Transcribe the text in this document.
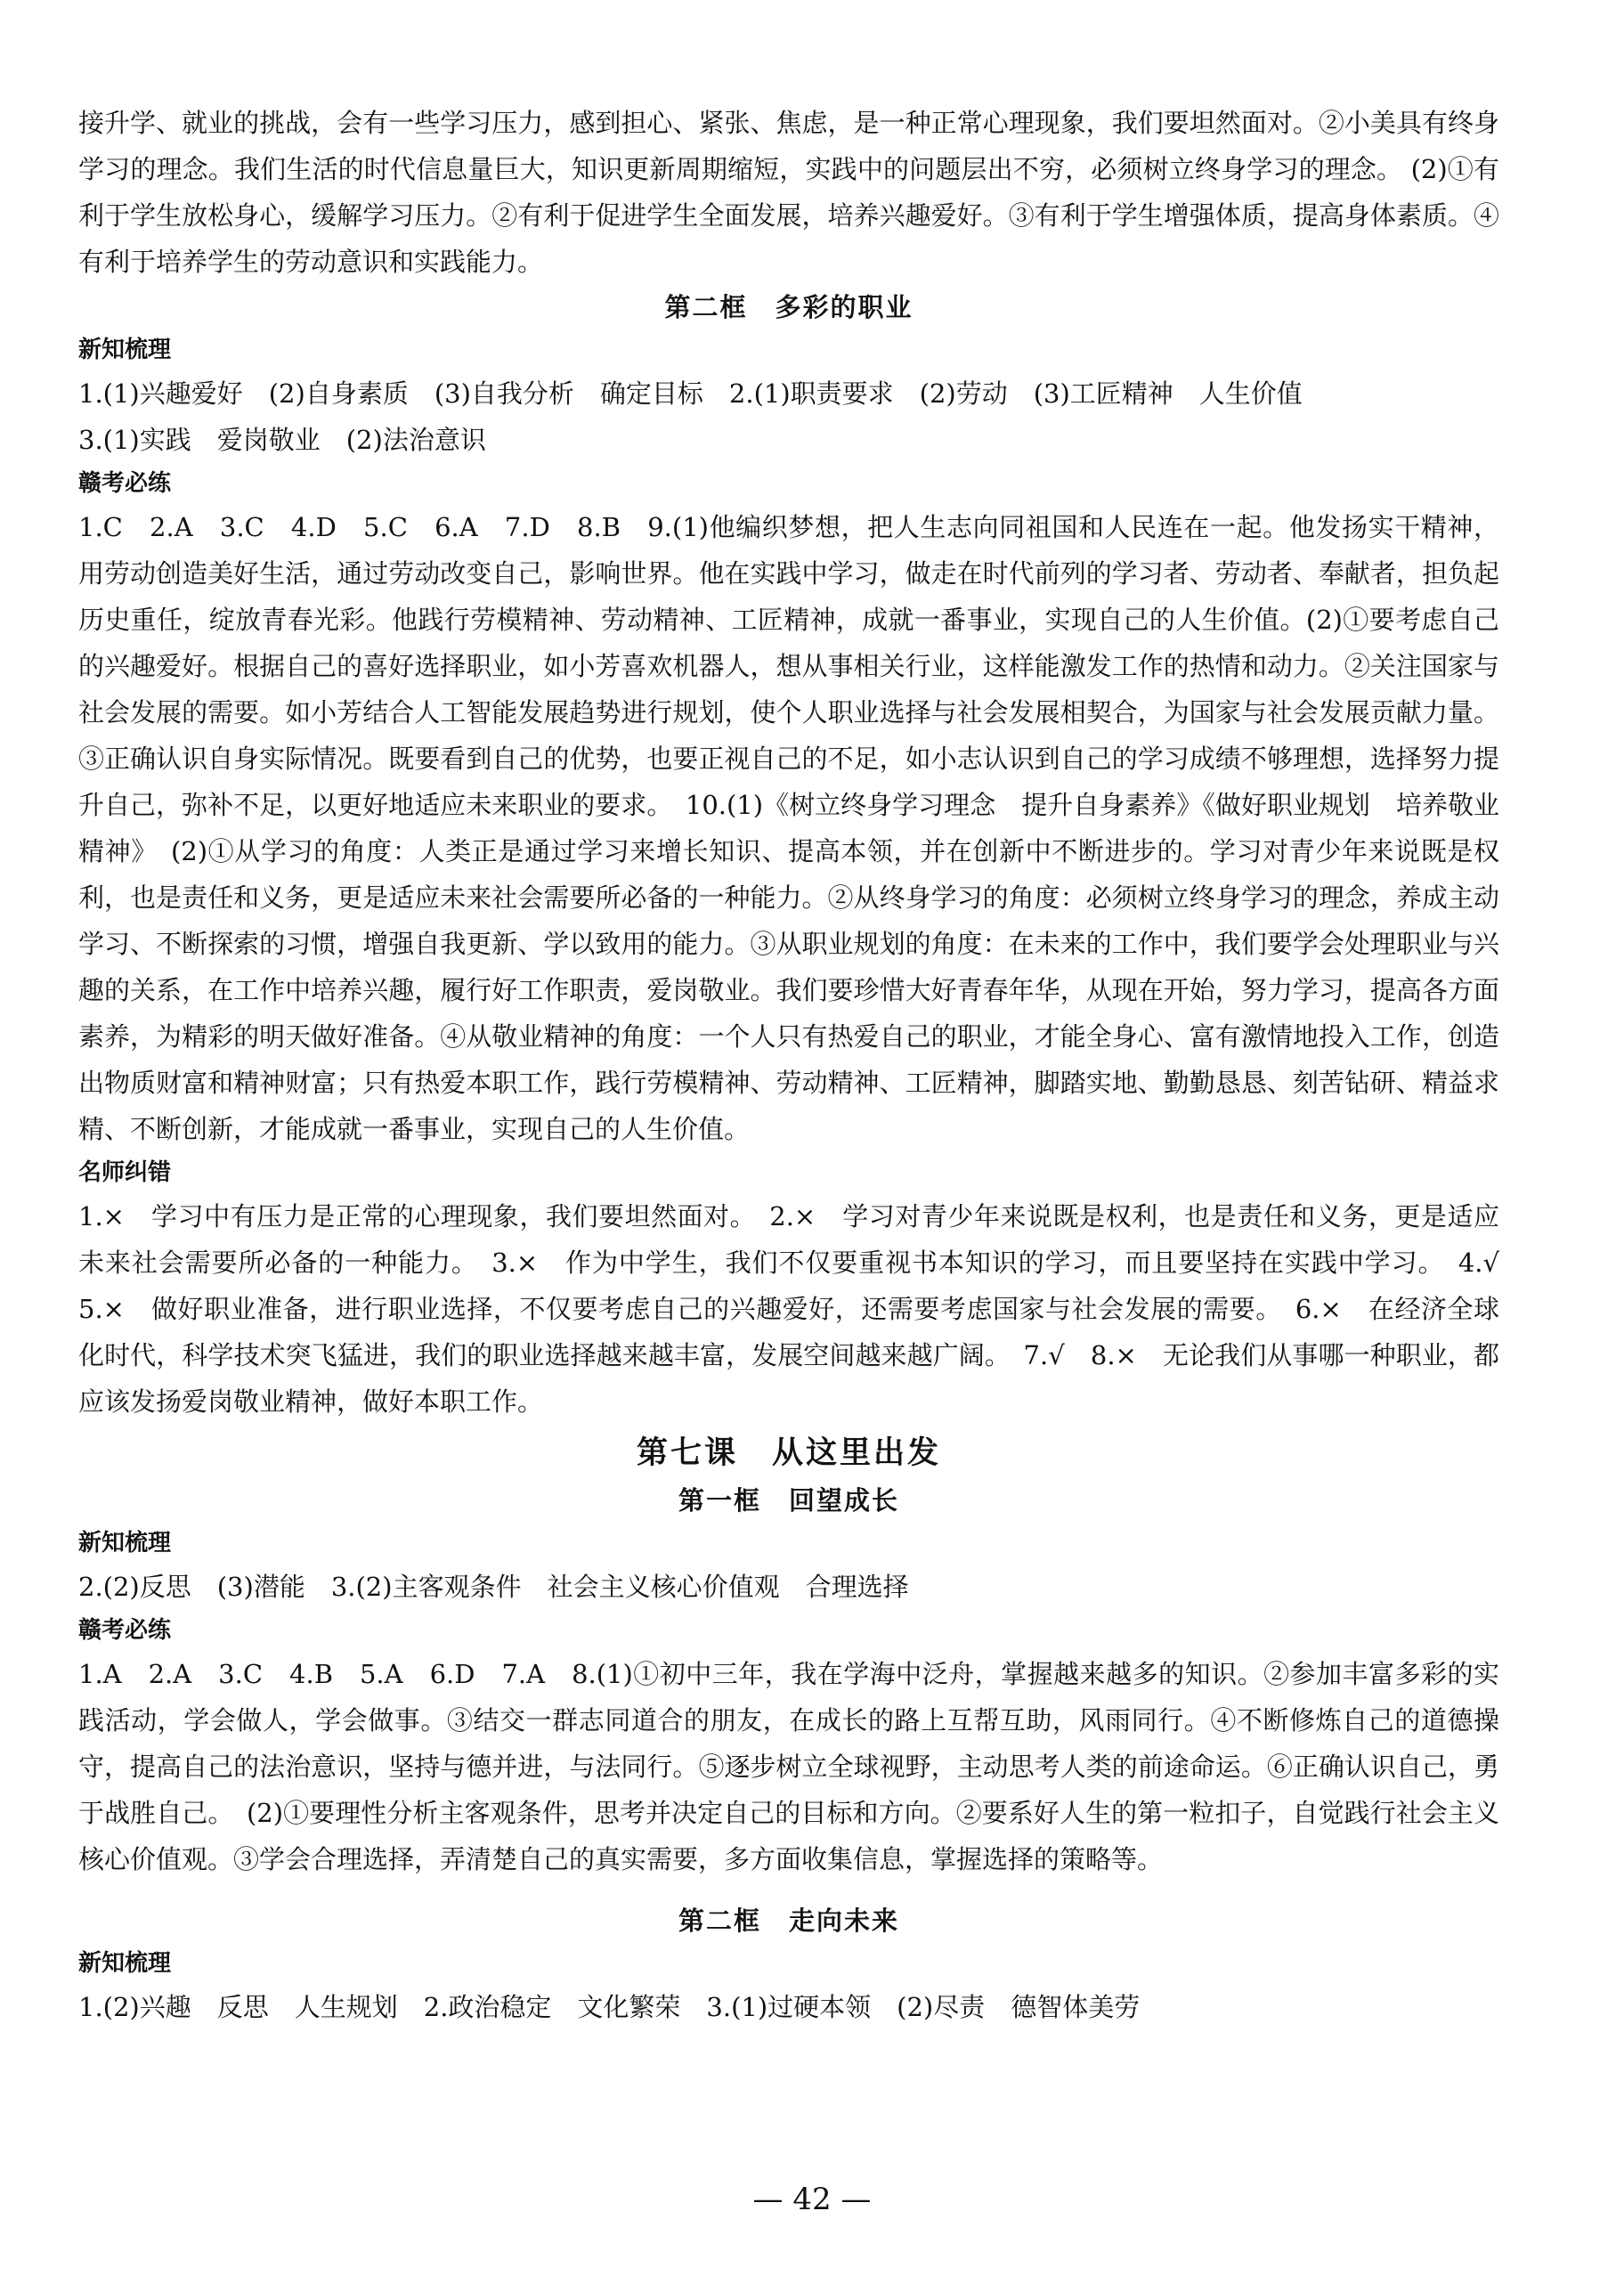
接升学、就业的挑战，会有一些学习压力，感到担心、紧张、焦虑，是一种正常心理现象，我们要坦然面对。②小美具有终身学习的理念。我们生活的时代信息量巨大，知识更新周期缩短，实践中的问题层出不穷，必须树立终身学习的理念。 (2)①有利于学生放松身心，缓解学习压力。②有利于促进学生全面发展，培养兴趣爱好。③有利于学生增强体质，提高身体素质。④有利于培养学生的劳动意识和实践能力。

第二框　多彩的职业

新知梳理

1.(1)兴趣爱好　(2)自身素质　(3)自我分析　确定目标　2.(1)职责要求　(2)劳动　(3)工匠精神　人生价值

3.(1)实践　爱岗敬业　(2)法治意识

赣考必练

1.C　2.A　3.C　4.D　5.C　6.A　7.D　8.B　9.(1)他编织梦想，把人生志向同祖国和人民连在一起。他发扬实干精神，用劳动创造美好生活，通过劳动改变自己，影响世界。他在实践中学习，做走在时代前列的学习者、劳动者、奉献者，担负起历史重任，绽放青春光彩。他践行劳模精神、劳动精神、工匠精神，成就一番事业，实现自己的人生价值。(2)①要考虑自己的兴趣爱好。根据自己的喜好选择职业，如小芳喜欢机器人，想从事相关行业，这样能激发工作的热情和动力。②关注国家与社会发展的需要。如小芳结合人工智能发展趋势进行规划，使个人职业选择与社会发展相契合，为国家与社会发展贡献力量。③正确认识自身实际情况。既要看到自己的优势，也要正视自己的不足，如小志认识到自己的学习成绩不够理想，选择努力提升自己，弥补不足，以更好地适应未来职业的要求。　10.(1)《树立终身学习理念　提升自身素养》《做好职业规划　培养敬业精神》　(2)①从学习的角度：人类正是通过学习来增长知识、提高本领，并在创新中不断进步的。学习对青少年来说既是权利，也是责任和义务，更是适应未来社会需要所必备的一种能力。②从终身学习的角度：必须树立终身学习的理念，养成主动学习、不断探索的习惯，增强自我更新、学以致用的能力。③从职业规划的角度：在未来的工作中，我们要学会处理职业与兴趣的关系，在工作中培养兴趣，履行好工作职责，爱岗敬业。我们要珍惜大好青春年华，从现在开始，努力学习，提高各方面素养，为精彩的明天做好准备。④从敬业精神的角度：一个人只有热爱自己的职业，才能全身心、富有激情地投入工作，创造出物质财富和精神财富；只有热爱本职工作，践行劳模精神、劳动精神、工匠精神，脚踏实地、勤勤恳恳、刻苦钻研、精益求精、不断创新，才能成就一番事业，实现自己的人生价值。

名师纠错

1.×　学习中有压力是正常的心理现象，我们要坦然面对。　2.×　学习对青少年来说既是权利，也是责任和义务，更是适应未来社会需要所必备的一种能力。　3.×　作为中学生，我们不仅要重视书本知识的学习，而且要坚持在实践中学习。　4.√　5.×　做好职业准备，进行职业选择，不仅要考虑自己的兴趣爱好，还需要考虑国家与社会发展的需要。　6.×　在经济全球化时代，科学技术突飞猛进，我们的职业选择越来越丰富，发展空间越来越广阔。　7.√　8.×　无论我们从事哪一种职业，都应该发扬爱岗敬业精神，做好本职工作。

第七课　从这里出发

第一框　回望成长

新知梳理

2.(2)反思　(3)潜能　3.(2)主客观条件　社会主义核心价值观　合理选择

赣考必练

1.A　2.A　3.C　4.B　5.A　6.D　7.A　8.(1)①初中三年，我在学海中泛舟，掌握越来越多的知识。②参加丰富多彩的实践活动，学会做人，学会做事。③结交一群志同道合的朋友，在成长的路上互帮互助，风雨同行。④不断修炼自己的道德操守，提高自己的法治意识，坚持与德并进，与法同行。⑤逐步树立全球视野，主动思考人类的前途命运。⑥正确认识自己，勇于战胜自己。　(2)①要理性分析主客观条件，思考并决定自己的目标和方向。②要系好人生的第一粒扣子，自觉践行社会主义核心价值观。③学会合理选择，弄清楚自己的真实需要，多方面收集信息，掌握选择的策略等。

第二框　走向未来

新知梳理

1.(2)兴趣　反思　人生规划　2.政治稳定　文化繁荣　3.(1)过硬本领　(2)尽责　德智体美劳

— 42 —
